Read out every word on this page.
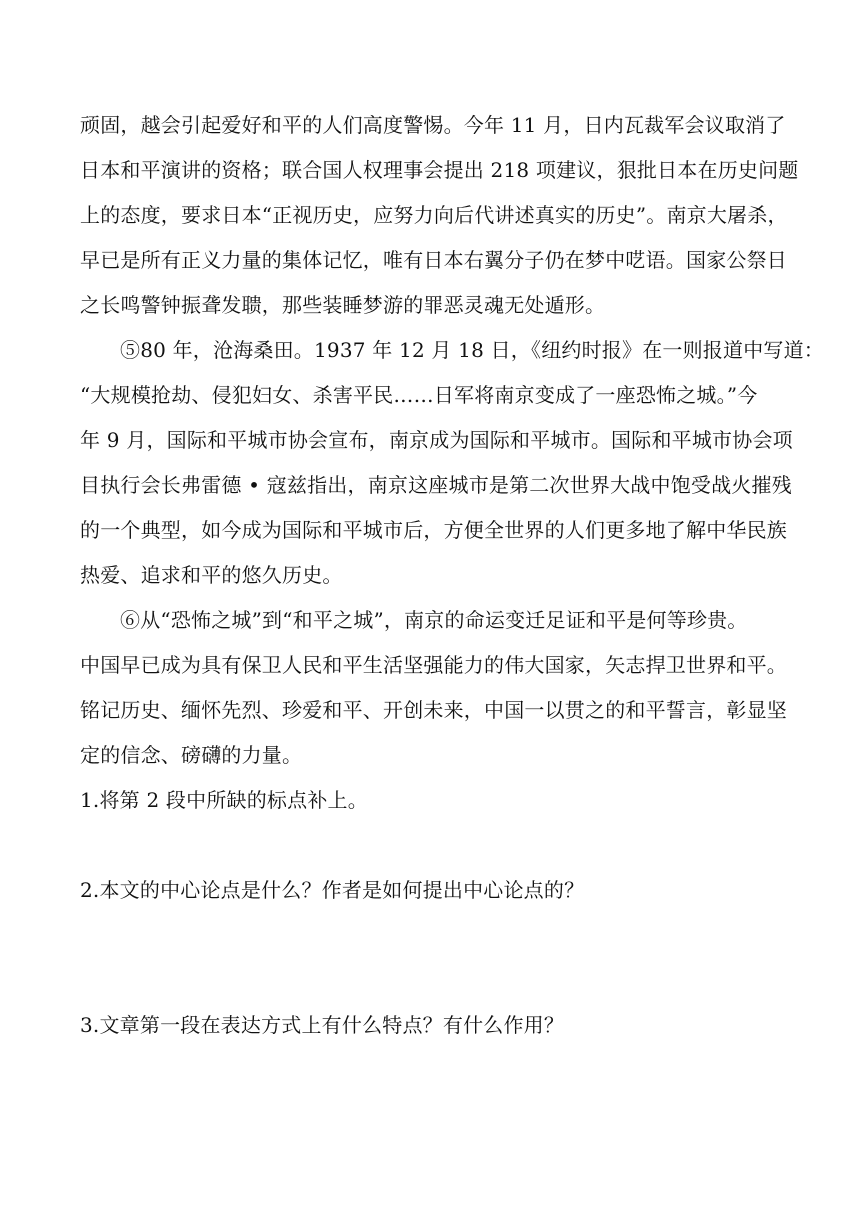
顽固，越会引起爱好和平的人们高度警惕。今年 11 月，日内瓦裁军会议取消了
日本和平演讲的资格；联合国人权理事会提出 218 项建议，狠批日本在历史问题
上的态度，要求日本“正视历史，应努力向后代讲述真实的历史”。南京大屠杀，
早已是所有正义力量的集体记忆，唯有日本右翼分子仍在梦中呓语。国家公祭日
之长鸣警钟振聋发聩，那些装睡梦游的罪恶灵魂无处遁形。
⑤80 年，沧海桑田。1937 年 12 月 18 日，《纽约时报》在一则报道中写道：
“大规模抢劫、侵犯妇女、杀害平民……日军将南京变成了一座恐怖之城。”今
年 9 月，国际和平城市协会宣布，南京成为国际和平城市。国际和平城市协会项
目执行会长弗雷德 • 寇兹指出，南京这座城市是第二次世界大战中饱受战火摧残
的一个典型，如今成为国际和平城市后，方便全世界的人们更多地了解中华民族
热爱、追求和平的悠久历史。
⑥从“恐怖之城”到“和平之城”，南京的命运变迁足证和平是何等珍贵。
中国早已成为具有保卫人民和平生活坚强能力的伟大国家，矢志捍卫世界和平。
铭记历史、缅怀先烈、珍爱和平、开创未来，中国一以贯之的和平誓言，彰显坚
定的信念、磅礴的力量。
1.将第 2 段中所缺的标点补上。
2.本文的中心论点是什么？作者是如何提出中心论点的？
3.文章第一段在表达方式上有什么特点？有什么作用？
